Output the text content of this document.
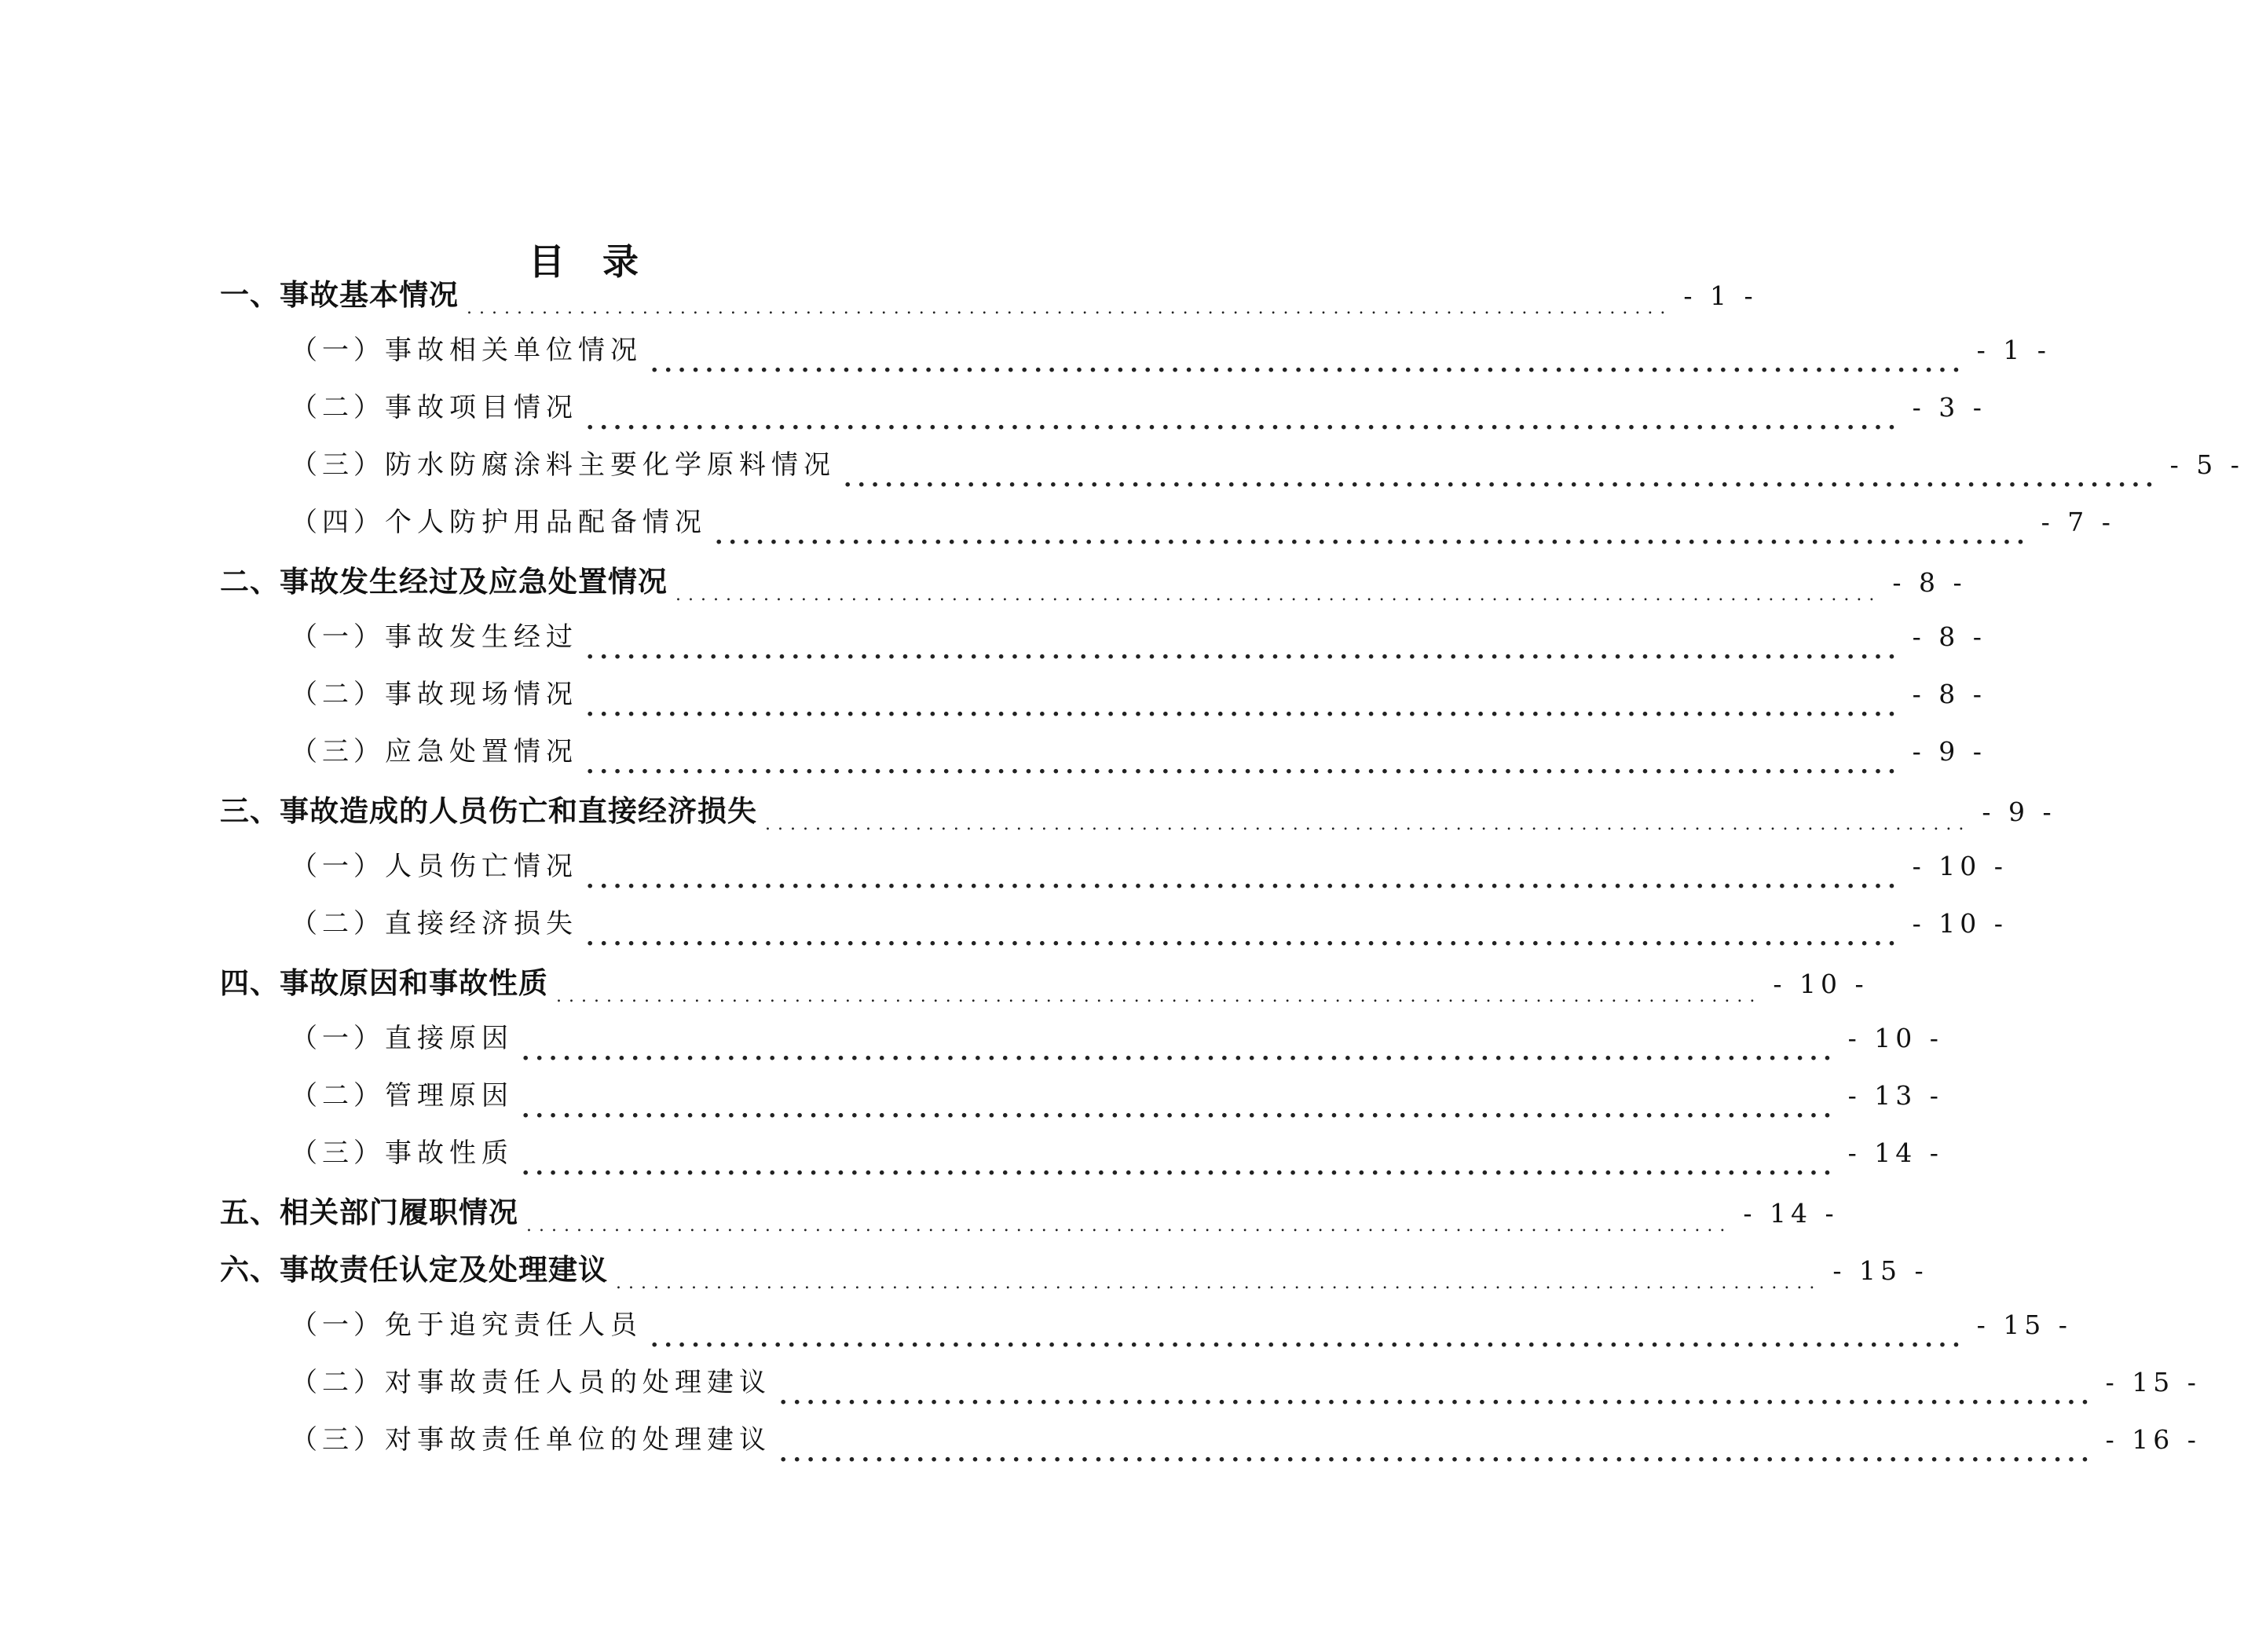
目录
一、 事故基本情况 ................................................................................................ - 1 -
（一） 事故相关单位情况 ................................................................................................ - 1 -
（二） 事故项目情况 ................................................................................................ - 3 -
（三） 防水防腐涂料主要化学原料情况 ................................................................................................ - 5 -
（四） 个人防护用品配备情况 ................................................................................................ - 7 -
二、 事故发生经过及应急处置情况 ................................................................................................ - 8 -
（一） 事故发生经过 ................................................................................................ - 8 -
（二） 事故现场情况 ................................................................................................ - 8 -
（三） 应急处置情况 ................................................................................................ - 9 -
三、 事故造成的人员伤亡和直接经济损失 ................................................................................................ - 9 -
（一） 人员伤亡情况 ................................................................................................ - 10 -
（二） 直接经济损失 ................................................................................................ - 10 -
四、 事故原因和事故性质 ................................................................................................ - 10 -
（一） 直接原因 ................................................................................................ - 10 -
（二） 管理原因 ................................................................................................ - 13 -
（三） 事故性质 ................................................................................................ - 14 -
五、 相关部门履职情况 ................................................................................................ - 14 -
六、 事故责任认定及处理建议 ................................................................................................ - 15 -
（一） 免于追究责任人员 ................................................................................................ - 15 -
（二） 对事故责任人员的处理建议 ................................................................................................ - 15 -
（三） 对事故责任单位的处理建议 ................................................................................................ - 16 -
